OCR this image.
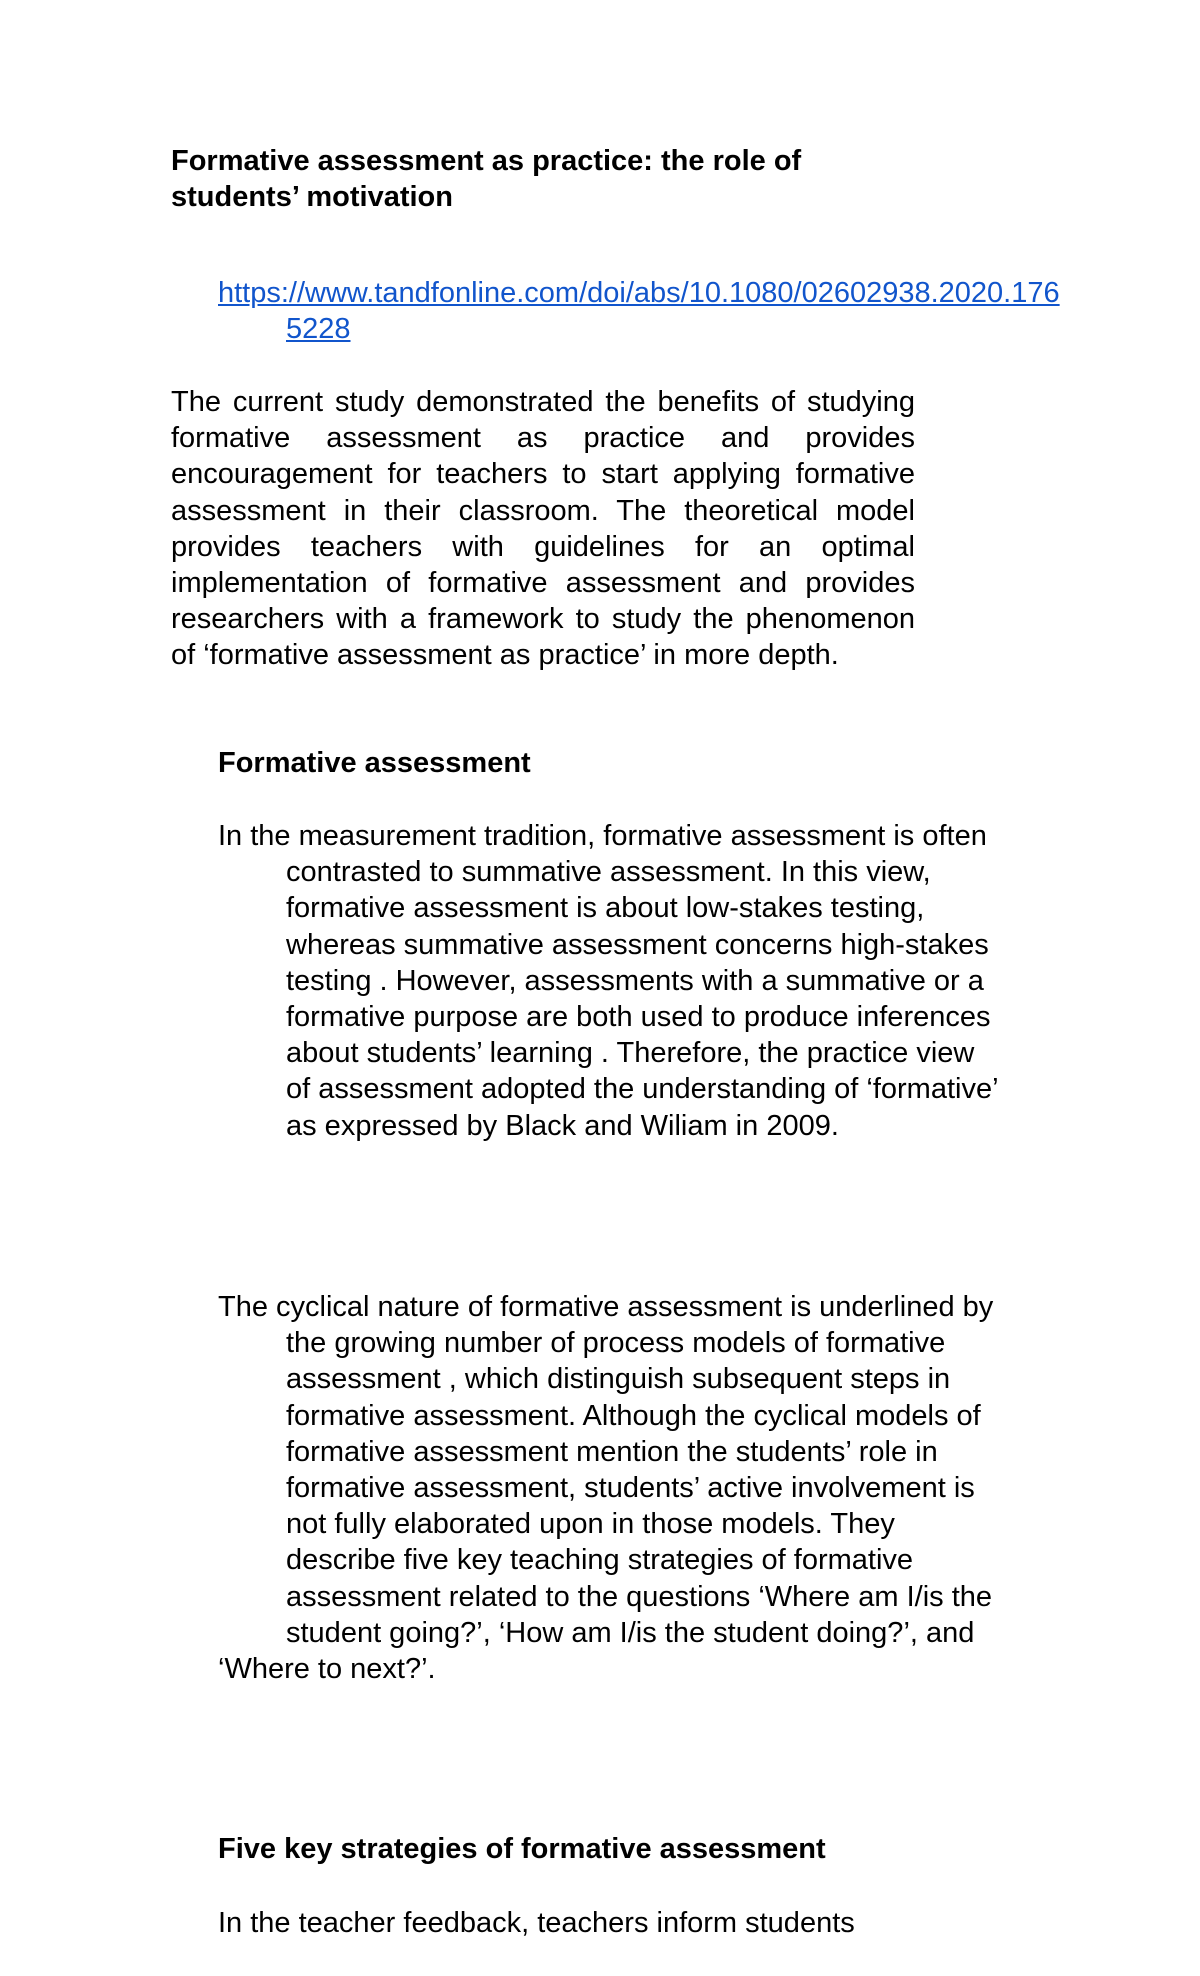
Formative assessment as practice: the role of students’ motivation
https://www.tandfonline.com/doi/abs/10.1080/02602938.2020.176 5228

The current study demonstrated the benefits of studying formative assessment as practice and provides encouragement for teachers to start applying formative assessment in their classroom. The theoretical model provides teachers with guidelines for an optimal implementation of formative assessment and provides researchers with a framework to study the phenomenon of ‘formative assessment as practice’ in more depth.

Formative assessment

In the measurement tradition, formative assessment is often contrasted to summative assessment. In this view, formative assessment is about low-stakes testing, whereas summative assessment concerns high-stakes testing . However, assessments with a summative or a formative purpose are both used to produce inferences about students’ learning . Therefore, the practice view of assessment adopted the understanding of ‘formative’ as expressed by Black and Wiliam in 2009.

The cyclical nature of formative assessment is underlined by the growing number of process models of formative assessment , which distinguish subsequent steps in formative assessment. Although the cyclical models of formative assessment mention the students’ role in formative assessment, students’ active involvement is not fully elaborated upon in those models. They describe five key teaching strategies of formative assessment related to the questions ‘Where am I/is the student going?’, ‘How am I/is the student doing?’, and
‘Where to next?’.

Five key strategies of formative assessment

In the teacher feedback, teachers inform students
